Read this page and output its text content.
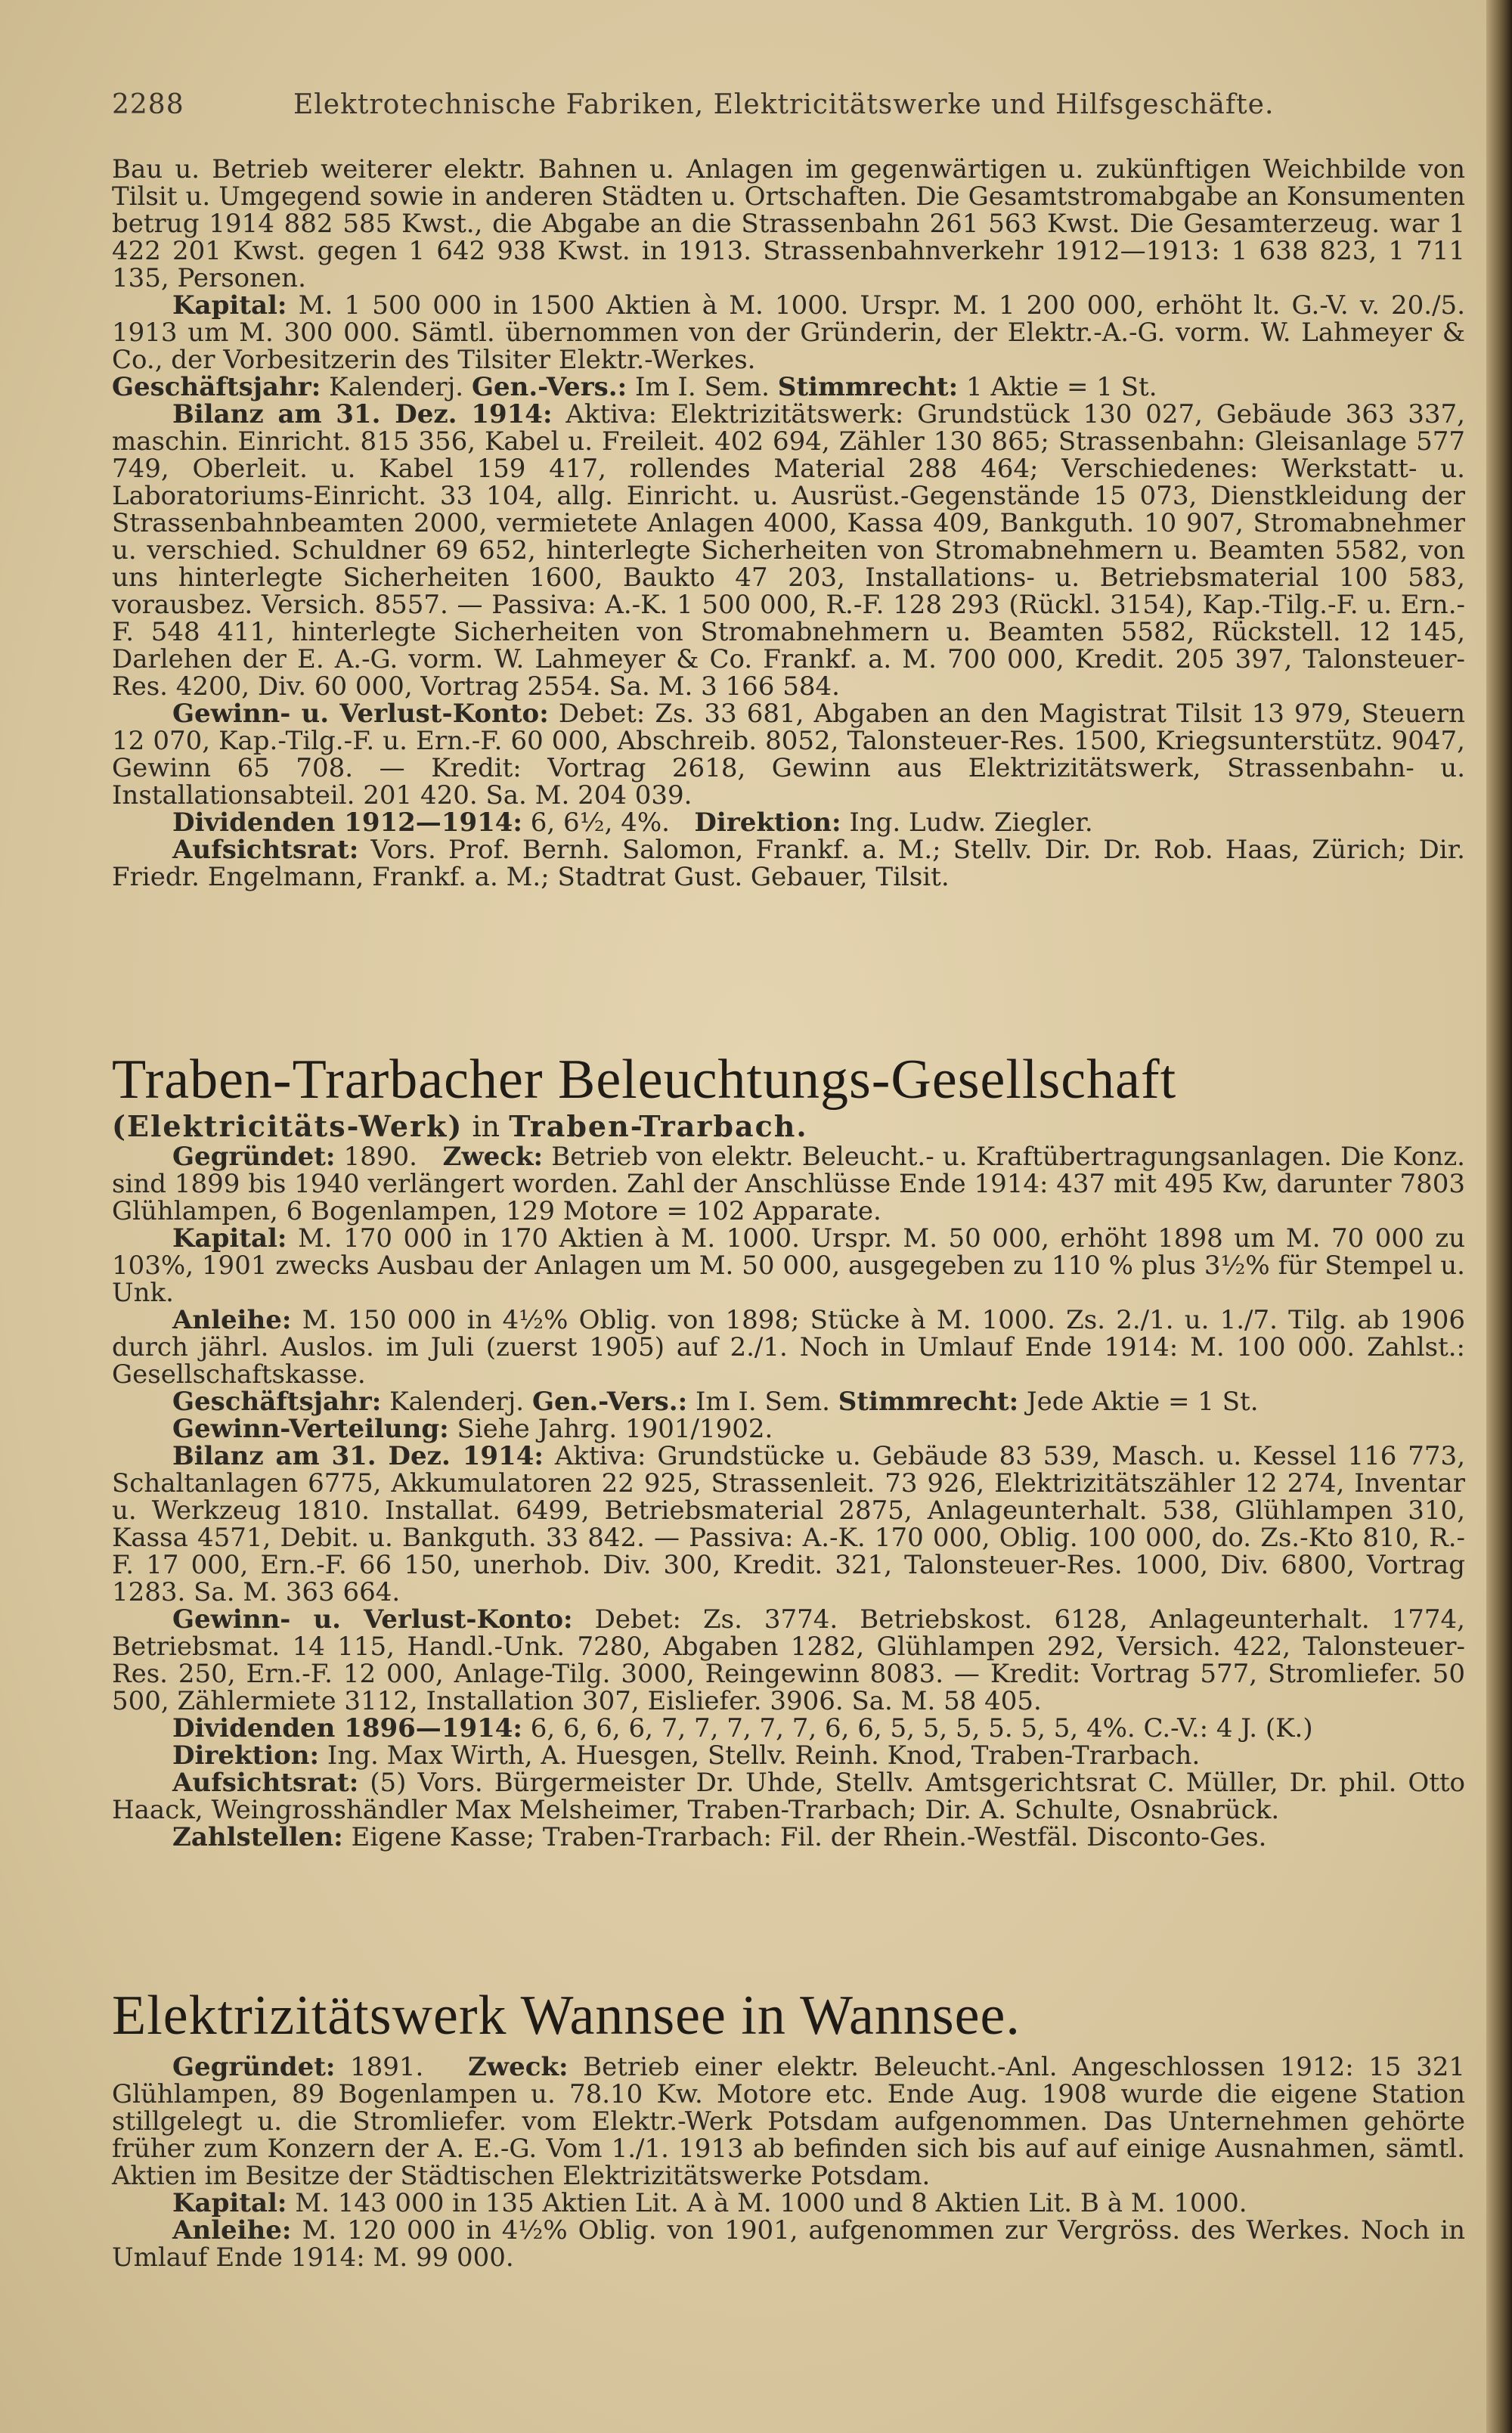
2288	Elektrotechnische Fabriken, Elektricitätswerke und Hilfsgeschäfte.

Bau u. Betrieb weiterer elektr. Bahnen u. Anlagen im gegenwärtigen u. zukünftigen Weichbilde von Tilsit u. Umgegend sowie in anderen Städten u. Ortschaften. Die Gesamtstromabgabe an Konsumenten betrug 1914 882 585 Kwst., die Abgabe an die Strassenbahn 261 563 Kwst. Die Gesamterzeug. war 1 422 201 Kwst. gegen 1 642 938 Kwst. in 1913. Strassenbahnverkehr 1912—1913: 1 638 823, 1 711 135, Personen.

Kapital: M. 1 500 000 in 1500 Aktien à M. 1000. Urspr. M. 1 200 000, erhöht lt. G.-V. v. 20./5. 1913 um M. 300 000. Sämtl. übernommen von der Gründerin, der Elektr.-A.-G. vorm. W. Lahmeyer & Co., der Vorbesitzerin des Tilsiter Elektr.-Werkes.

Geschäftsjahr: Kalenderj. Gen.-Vers.: Im I. Sem. Stimmrecht: 1 Aktie = 1 St.

Bilanz am 31. Dez. 1914: Aktiva: Elektrizitätswerk: Grundstück 130 027, Gebäude 363 337, maschin. Einricht. 815 356, Kabel u. Freileit. 402 694, Zähler 130 865; Strassenbahn: Gleisanlage 577 749, Oberleit. u. Kabel 159 417, rollendes Material 288 464; Verschiedenes: Werkstatt- u. Laboratoriums-Einricht. 33 104, allg. Einricht. u. Ausrüst.-Gegenstände 15 073, Dienstkleidung der Strassenbahnbeamten 2000, vermietete Anlagen 4000, Kassa 409, Bankguth. 10 907, Stromabnehmer u. verschied. Schuldner 69 652, hinterlegte Sicherheiten von Stromabnehmern u. Beamten 5582, von uns hinterlegte Sicherheiten 1600, Baukto 47 203, Installations- u. Betriebsmaterial 100 583, vorausbez. Versich. 8557. — Passiva: A.-K. 1 500 000, R.-F. 128 293 (Rückl. 3154), Kap.-Tilg.-F. u. Ern.-F. 548 411, hinterlegte Sicherheiten von Stromabnehmern u. Beamten 5582, Rückstell. 12 145, Darlehen der E. A.-G. vorm. W. Lahmeyer & Co. Frankf. a. M. 700 000, Kredit. 205 397, Talonsteuer-Res. 4200, Div. 60 000, Vortrag 2554. Sa. M. 3 166 584.

Gewinn- u. Verlust-Konto: Debet: Zs. 33 681, Abgaben an den Magistrat Tilsit 13 979, Steuern 12 070, Kap.-Tilg.-F. u. Ern.-F. 60 000, Abschreib. 8052, Talonsteuer-Res. 1500, Kriegsunterstütz. 9047, Gewinn 65 708. — Kredit: Vortrag 2618, Gewinn aus Elektrizitätswerk, Strassenbahn- u. Installationsabteil. 201 420. Sa. M. 204 039.

Dividenden 1912—1914: 6, 6½, 4%. Direktion: Ing. Ludw. Ziegler.

Aufsichtsrat: Vors. Prof. Bernh. Salomon, Frankf. a. M.; Stellv. Dir. Dr. Rob. Haas, Zürich; Dir. Friedr. Engelmann, Frankf. a. M.; Stadtrat Gust. Gebauer, Tilsit.

Traben-Trarbacher Beleuchtungs-Gesellschaft

(Elektricitäts-Werk) in Traben-Trarbach.

Gegründet: 1890. Zweck: Betrieb von elektr. Beleucht.- u. Kraftübertragungsanlagen. Die Konz. sind 1899 bis 1940 verlängert worden. Zahl der Anschlüsse Ende 1914: 437 mit 495 Kw, darunter 7803 Glühlampen, 6 Bogenlampen, 129 Motore = 102 Apparate.

Kapital: M. 170 000 in 170 Aktien à M. 1000. Urspr. M. 50 000, erhöht 1898 um M. 70 000 zu 103%, 1901 zwecks Ausbau der Anlagen um M. 50 000, ausgegeben zu 110 % plus 3½% für Stempel u. Unk.

Anleihe: M. 150 000 in 4½% Oblig. von 1898; Stücke à M. 1000. Zs. 2./1. u. 1./7. Tilg. ab 1906 durch jährl. Auslos. im Juli (zuerst 1905) auf 2./1. Noch in Umlauf Ende 1914: M. 100 000. Zahlst.: Gesellschaftskasse.

Geschäftsjahr: Kalenderj. Gen.-Vers.: Im I. Sem. Stimmrecht: Jede Aktie = 1 St.

Gewinn-Verteilung: Siehe Jahrg. 1901/1902.

Bilanz am 31. Dez. 1914: Aktiva: Grundstücke u. Gebäude 83 539, Masch. u. Kessel 116 773, Schaltanlagen 6775, Akkumulatoren 22 925, Strassenleit. 73 926, Elektrizitätszähler 12 274, Inventar u. Werkzeug 1810. Installat. 6499, Betriebsmaterial 2875, Anlageunterhalt. 538, Glühlampen 310, Kassa 4571, Debit. u. Bankguth. 33 842. — Passiva: A.-K. 170 000, Oblig. 100 000, do. Zs.-Kto 810, R.-F. 17 000, Ern.-F. 66 150, unerhob. Div. 300, Kredit. 321, Talonsteuer-Res. 1000, Div. 6800, Vortrag 1283. Sa. M. 363 664.

Gewinn- u. Verlust-Konto: Debet: Zs. 3774. Betriebskost. 6128, Anlageunterhalt. 1774, Betriebsmat. 14 115, Handl.-Unk. 7280, Abgaben 1282, Glühlampen 292, Versich. 422, Talonsteuer-Res. 250, Ern.-F. 12 000, Anlage-Tilg. 3000, Reingewinn 8083. — Kredit: Vortrag 577, Stromliefer. 50 500, Zählermiete 3112, Installation 307, Eisliefer. 3906. Sa. M. 58 405.

Dividenden 1896—1914: 6, 6, 6, 6, 7, 7, 7, 7, 7, 6, 6, 5, 5, 5, 5. 5, 5, 4%. C.-V.: 4 J. (K.)

Direktion: Ing. Max Wirth, A. Huesgen, Stellv. Reinh. Knod, Traben-Trarbach.

Aufsichtsrat: (5) Vors. Bürgermeister Dr. Uhde, Stellv. Amtsgerichtsrat C. Müller, Dr. phil. Otto Haack, Weingrosshändler Max Melsheimer, Traben-Trarbach; Dir. A. Schulte, Osnabrück.

Zahlstellen: Eigene Kasse; Traben-Trarbach: Fil. der Rhein.-Westfäl. Disconto-Ges.

Elektrizitätswerk Wannsee in Wannsee.

Gegründet: 1891. Zweck: Betrieb einer elektr. Beleucht.-Anl. Angeschlossen 1912: 15 321 Glühlampen, 89 Bogenlampen u. 78.10 Kw. Motore etc. Ende Aug. 1908 wurde die eigene Station stillgelegt u. die Stromliefer. vom Elektr.-Werk Potsdam aufgenommen. Das Unternehmen gehörte früher zum Konzern der A. E.-G. Vom 1./1. 1913 ab befinden sich bis auf auf einige Ausnahmen, sämtl. Aktien im Besitze der Städtischen Elektrizitätswerke Potsdam.

Kapital: M. 143 000 in 135 Aktien Lit. A à M. 1000 und 8 Aktien Lit. B à M. 1000.

Anleihe: M. 120 000 in 4½% Oblig. von 1901, aufgenommen zur Vergröss. des Werkes. Noch in Umlauf Ende 1914: M. 99 000.
